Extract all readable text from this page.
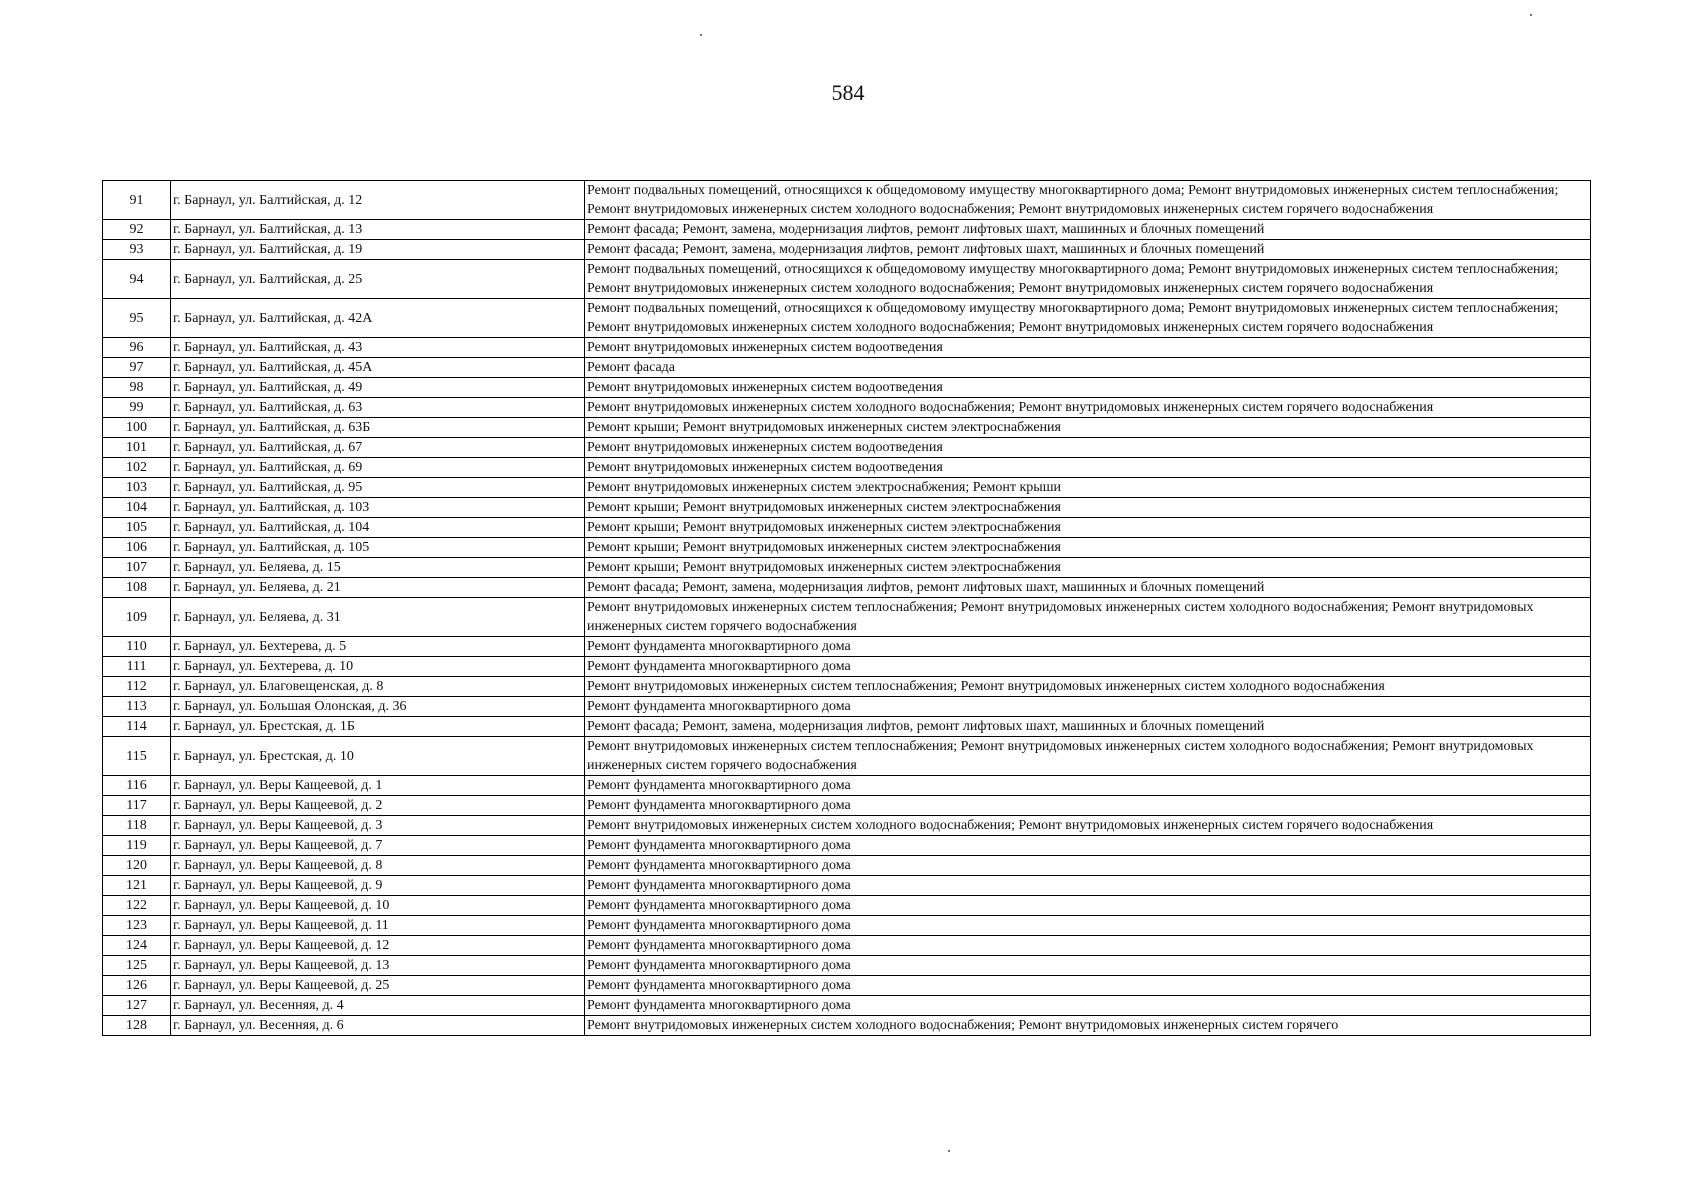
584
91	г. Барнаул, ул. Балтийская, д. 12	Ремонт подвальных помещений, относящихся к общедомовому имуществу многоквартирного дома; Ремонт внутридомовых инженерных систем теплоснабжения; Ремонт внутридомовых инженерных систем холодного водоснабжения; Ремонт внутридомовых инженерных систем горячего водоснабжения
92	г. Барнаул, ул. Балтийская, д. 13	Ремонт фасада; Ремонт, замена, модернизация лифтов, ремонт лифтовых шахт, машинных и блочных помещений
93	г. Барнаул, ул. Балтийская, д. 19	Ремонт фасада; Ремонт, замена, модернизация лифтов, ремонт лифтовых шахт, машинных и блочных помещений
94	г. Барнаул, ул. Балтийская, д. 25	Ремонт подвальных помещений, относящихся к общедомовому имуществу многоквартирного дома; Ремонт внутридомовых инженерных систем теплоснабжения; Ремонт внутридомовых инженерных систем холодного водоснабжения; Ремонт внутридомовых инженерных систем горячего водоснабжения
95	г. Барнаул, ул. Балтийская, д. 42А	Ремонт подвальных помещений, относящихся к общедомовому имуществу многоквартирного дома; Ремонт внутридомовых инженерных систем теплоснабжения; Ремонт внутридомовых инженерных систем холодного водоснабжения; Ремонт внутридомовых инженерных систем горячего водоснабжения
96	г. Барнаул, ул. Балтийская, д. 43	Ремонт внутридомовых инженерных систем водоотведения
97	г. Барнаул, ул. Балтийская, д. 45А	Ремонт фасада
98	г. Барнаул, ул. Балтийская, д. 49	Ремонт внутридомовых инженерных систем водоотведения
99	г. Барнаул, ул. Балтийская, д. 63	Ремонт внутридомовых инженерных систем холодного водоснабжения; Ремонт внутридомовых инженерных систем горячего водоснабжения
100	г. Барнаул, ул. Балтийская, д. 63Б	Ремонт крыши; Ремонт внутридомовых инженерных систем электроснабжения
101	г. Барнаул, ул. Балтийская, д. 67	Ремонт внутридомовых инженерных систем водоотведения
102	г. Барнаул, ул. Балтийская, д. 69	Ремонт внутридомовых инженерных систем водоотведения
103	г. Барнаул, ул. Балтийская, д. 95	Ремонт внутридомовых инженерных систем электроснабжения; Ремонт крыши
104	г. Барнаул, ул. Балтийская, д. 103	Ремонт крыши; Ремонт внутридомовых инженерных систем электроснабжения
105	г. Барнаул, ул. Балтийская, д. 104	Ремонт крыши; Ремонт внутридомовых инженерных систем электроснабжения
106	г. Барнаул, ул. Балтийская, д. 105	Ремонт крыши; Ремонт внутридомовых инженерных систем электроснабжения
107	г. Барнаул, ул. Беляева, д. 15	Ремонт крыши; Ремонт внутридомовых инженерных систем электроснабжения
108	г. Барнаул, ул. Беляева, д. 21	Ремонт фасада; Ремонт, замена, модернизация лифтов, ремонт лифтовых шахт, машинных и блочных помещений
109	г. Барнаул, ул. Беляева, д. 31	Ремонт внутридомовых инженерных систем теплоснабжения; Ремонт внутридомовых инженерных систем холодного водоснабжения; Ремонт внутридомовых инженерных систем горячего водоснабжения
110	г. Барнаул, ул. Бехтерева, д. 5	Ремонт фундамента многоквартирного дома
111	г. Барнаул, ул. Бехтерева, д. 10	Ремонт фундамента многоквартирного дома
112	г. Барнаул, ул. Благовещенская, д. 8	Ремонт внутридомовых инженерных систем теплоснабжения; Ремонт внутридомовых инженерных систем холодного водоснабжения
113	г. Барнаул, ул. Большая Олонская, д. 36	Ремонт фундамента многоквартирного дома
114	г. Барнаул, ул. Брестская, д. 1Б	Ремонт фасада; Ремонт, замена, модернизация лифтов, ремонт лифтовых шахт, машинных и блочных помещений
115	г. Барнаул, ул. Брестская, д. 10	Ремонт внутридомовых инженерных систем теплоснабжения; Ремонт внутридомовых инженерных систем холодного водоснабжения; Ремонт внутридомовых инженерных систем горячего водоснабжения
116	г. Барнаул, ул. Веры Кащеевой, д. 1	Ремонт фундамента многоквартирного дома
117	г. Барнаул, ул. Веры Кащеевой, д. 2	Ремонт фундамента многоквартирного дома
118	г. Барнаул, ул. Веры Кащеевой, д. 3	Ремонт внутридомовых инженерных систем холодного водоснабжения; Ремонт внутридомовых инженерных систем горячего водоснабжения
119	г. Барнаул, ул. Веры Кащеевой, д. 7	Ремонт фундамента многоквартирного дома
120	г. Барнаул, ул. Веры Кащеевой, д. 8	Ремонт фундамента многоквартирного дома
121	г. Барнаул, ул. Веры Кащеевой, д. 9	Ремонт фундамента многоквартирного дома
122	г. Барнаул, ул. Веры Кащеевой, д. 10	Ремонт фундамента многоквартирного дома
123	г. Барнаул, ул. Веры Кащеевой, д. 11	Ремонт фундамента многоквартирного дома
124	г. Барнаул, ул. Веры Кащеевой, д. 12	Ремонт фундамента многоквартирного дома
125	г. Барнаул, ул. Веры Кащеевой, д. 13	Ремонт фундамента многоквартирного дома
126	г. Барнаул, ул. Веры Кащеевой, д. 25	Ремонт фундамента многоквартирного дома
127	г. Барнаул, ул. Весенняя, д. 4	Ремонт фундамента многоквартирного дома
128	г. Барнаул, ул. Весенняя, д. 6	Ремонт внутридомовых инженерных систем холодного водоснабжения; Ремонт внутридомовых инженерных систем горячего
